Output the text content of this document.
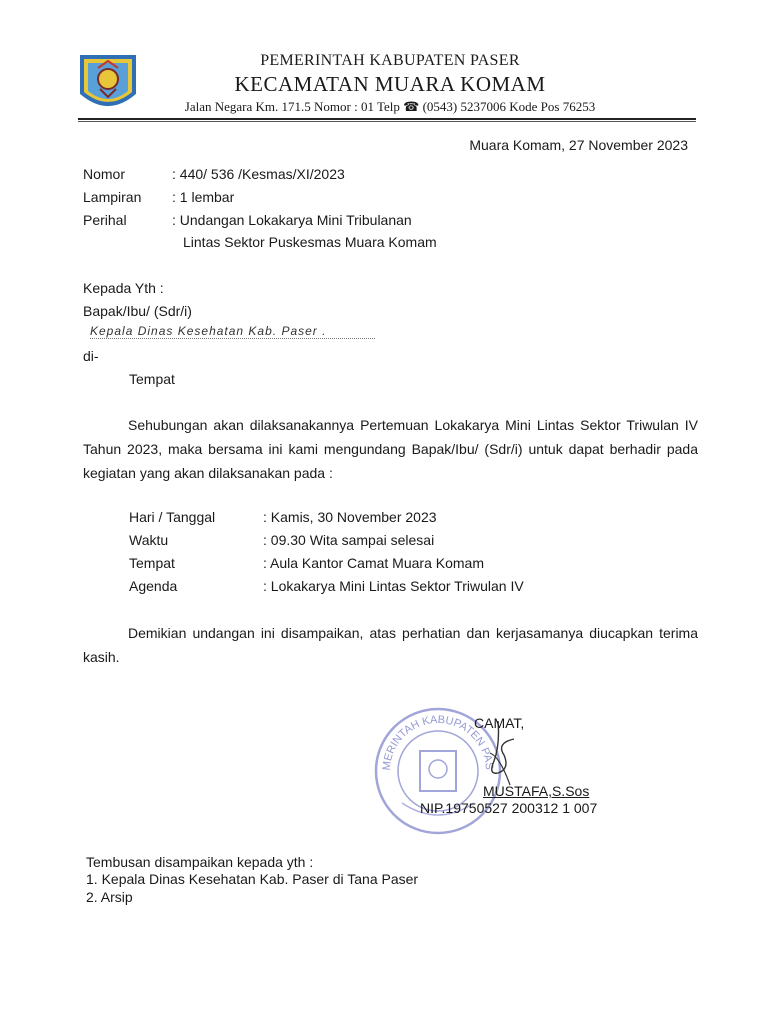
PEMERINTAH KABUPATEN PASER
KECAMATAN MUARA KOMAM
Jalan Negara Km. 171.5 Nomor : 01 Telp ☎ (0543) 5237006 Kode Pos 76253
Muara Komam, 27 November 2023
Nomor	: 440/ 536 /Kesmas/XI/2023
Lampiran : 1 lembar
Perihal	: Undangan Lokakarya Mini Tribulanan
Lintas Sektor Puskesmas Muara Komam
Kepada Yth :
Bapak/Ibu/ (Sdr/i)
Kepala Dinas Kesehatan Kab. Paser .
di-
Tempat
Sehubungan akan dilaksanakannya Pertemuan Lokakarya Mini Lintas Sektor Triwulan IV Tahun 2023, maka bersama ini kami mengundang Bapak/Ibu/ (Sdr/i) untuk dapat berhadir pada kegiatan yang akan dilaksanakan pada :
Hari / Tanggal	: Kamis, 30 November 2023
Waktu	: 09.30 Wita sampai selesai
Tempat	: Aula Kantor Camat Muara Komam
Agenda	: Lokakarya Mini Lintas Sektor Triwulan IV
Demikian undangan ini disampaikan, atas perhatian dan kerjasamanya diucapkan terima kasih.
MERINTAH KABUPATEN PAS
CAMAT,
MUSTAFA,S.Sos
NIP.19750527 200312 1 007
Tembusan disampaikan kepada yth :
1. Kepala Dinas Kesehatan Kab. Paser di Tana Paser
2. Arsip
